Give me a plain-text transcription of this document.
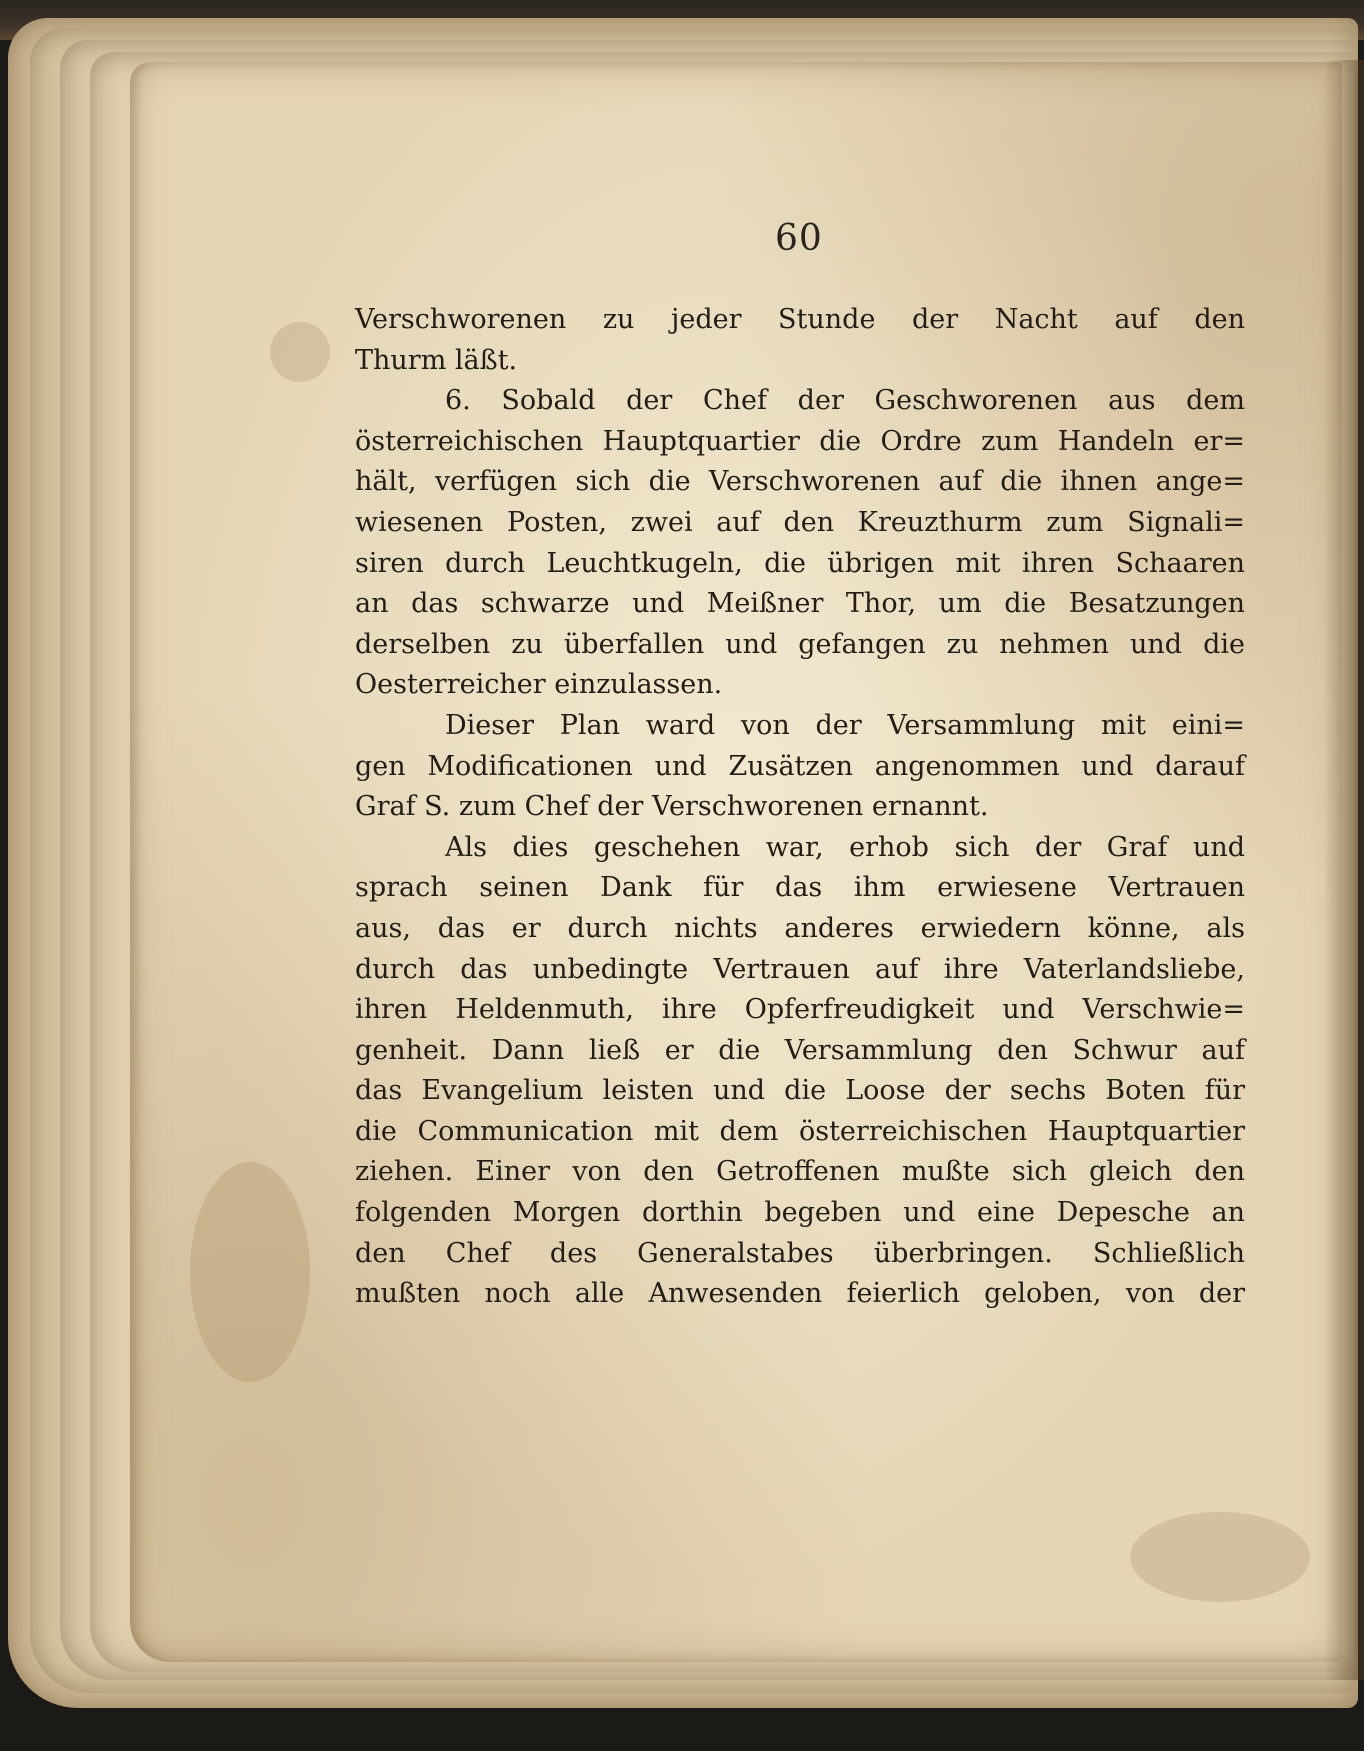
60
Verschworenen zu jeder Stunde der Nacht auf den
Thurm läßt.
6. Sobald der Chef der Geschworenen aus dem
österreichischen Hauptquartier die Ordre zum Handeln er=
hält, verfügen sich die Verschworenen auf die ihnen ange=
wiesenen Posten, zwei auf den Kreuzthurm zum Signali=
siren durch Leuchtkugeln, die übrigen mit ihren Schaaren
an das schwarze und Meißner Thor, um die Besatzungen
derselben zu überfallen und gefangen zu nehmen und die
Oesterreicher einzulassen.
Dieser Plan ward von der Versammlung mit eini=
gen Modificationen und Zusätzen angenommen und darauf
Graf S. zum Chef der Verschworenen ernannt.
Als dies geschehen war, erhob sich der Graf und
sprach seinen Dank für das ihm erwiesene Vertrauen
aus, das er durch nichts anderes erwiedern könne, als
durch das unbedingte Vertrauen auf ihre Vaterlandsliebe,
ihren Heldenmuth, ihre Opferfreudigkeit und Verschwie=
genheit. Dann ließ er die Versammlung den Schwur auf
das Evangelium leisten und die Loose der sechs Boten für
die Communication mit dem österreichischen Hauptquartier
ziehen. Einer von den Getroffenen mußte sich gleich den
folgenden Morgen dorthin begeben und eine Depesche an
den Chef des Generalstabes überbringen. Schließlich
mußten noch alle Anwesenden feierlich geloben, von der
